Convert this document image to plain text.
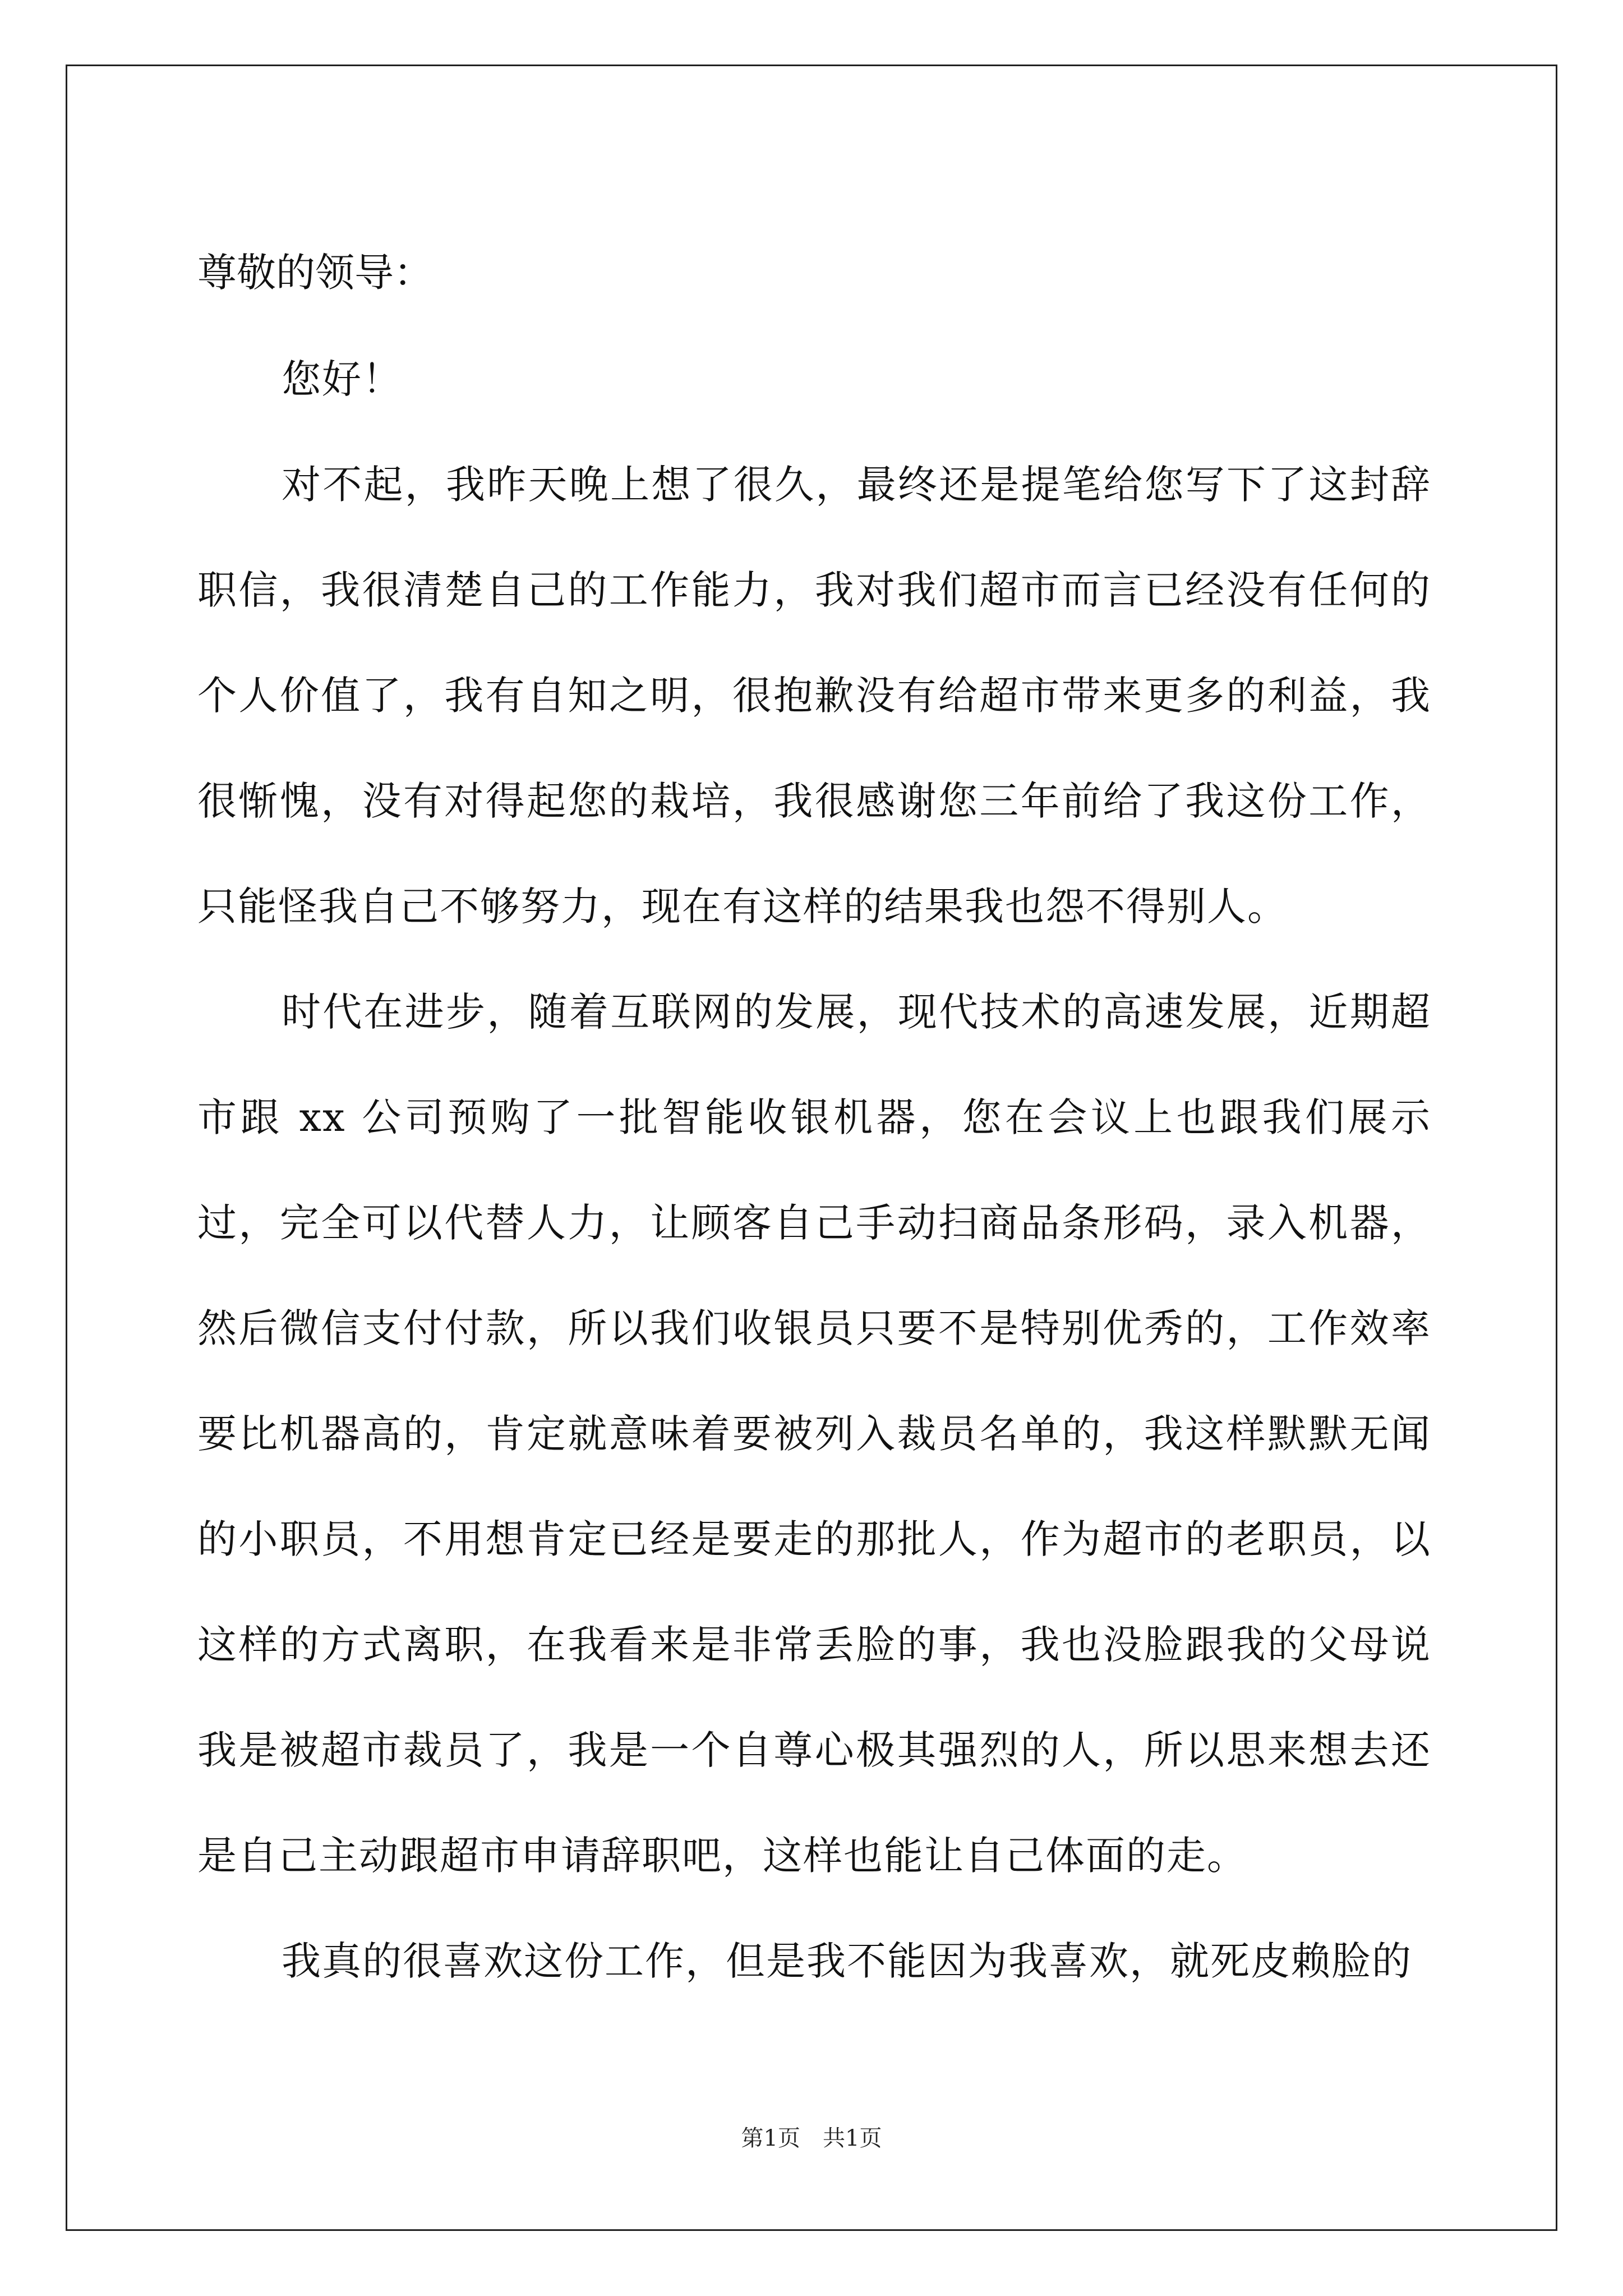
尊敬的领导：

您好！

对不起，我昨天晚上想了很久，最终还是提笔给您写下了这封辞职信，我很清楚自己的工作能力，我对我们超市而言已经没有任何的个人价值了，我有自知之明，很抱歉没有给超市带来更多的利益，我很惭愧，没有对得起您的栽培，我很感谢您三年前给了我这份工作，只能怪我自己不够努力，现在有这样的结果我也怨不得别人。

时代在进步，随着互联网的发展，现代技术的高速发展，近期超市跟 xx 公司预购了一批智能收银机器，您在会议上也跟我们展示过，完全可以代替人力，让顾客自己手动扫商品条形码，录入机器，然后微信支付付款，所以我们收银员只要不是特别优秀的，工作效率要比机器高的，肯定就意味着要被列入裁员名单的，我这样默默无闻的小职员，不用想肯定已经是要走的那批人，作为超市的老职员，以这样的方式离职，在我看来是非常丢脸的事，我也没脸跟我的父母说我是被超市裁员了，我是一个自尊心极其强烈的人，所以思来想去还是自己主动跟超市申请辞职吧，这样也能让自己体面的走。

我真的很喜欢这份工作，但是我不能因为我喜欢，就死皮赖脸的

第1页 共1页
